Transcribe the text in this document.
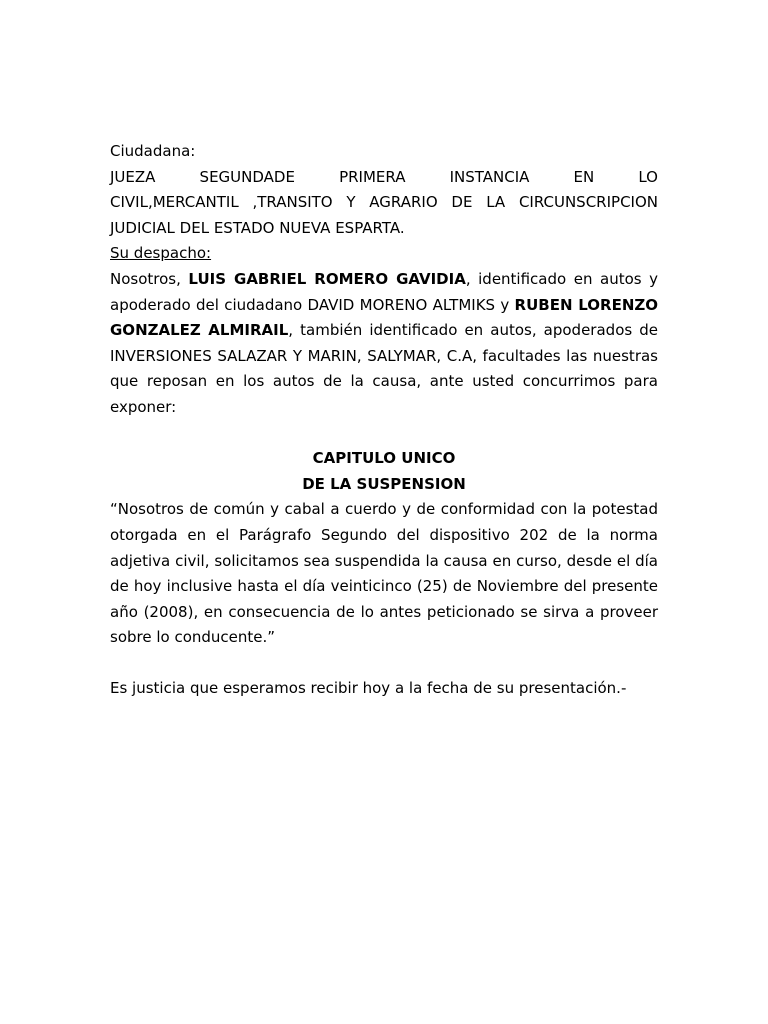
Ciudadana:

JUEZA	SEGUNDADE	PRIMERA	INSTANCIA	EN	LO

CIVIL,MERCANTIL ,TRANSITO Y AGRARIO DE LA CIRCUNSCRIPCION

JUDICIAL DEL ESTADO NUEVA ESPARTA.

Su despacho:

Nosotros, LUIS GABRIEL ROMERO GAVIDIA, identificado en autos y apoderado del ciudadano DAVID MORENO ALTMIKS y RUBEN LORENZO GONZALEZ ALMIRAIL, también identificado en autos, apoderados de INVERSIONES SALAZAR Y MARIN, SALYMAR, C.A, facultades las nuestras que reposan en los autos de la causa, ante usted concurrimos para exponer:

CAPITULO UNICO

DE LA SUSPENSION

“Nosotros de común y cabal a cuerdo y de conformidad con la potestad otorgada en el Parágrafo Segundo del dispositivo 202 de la norma adjetiva civil, solicitamos sea suspendida la causa en curso, desde el día de hoy inclusive hasta el día veinticinco (25) de Noviembre del presente año (2008), en consecuencia de lo antes peticionado se sirva a proveer sobre lo conducente.”

Es justicia que esperamos recibir hoy a la fecha de su presentación.-
